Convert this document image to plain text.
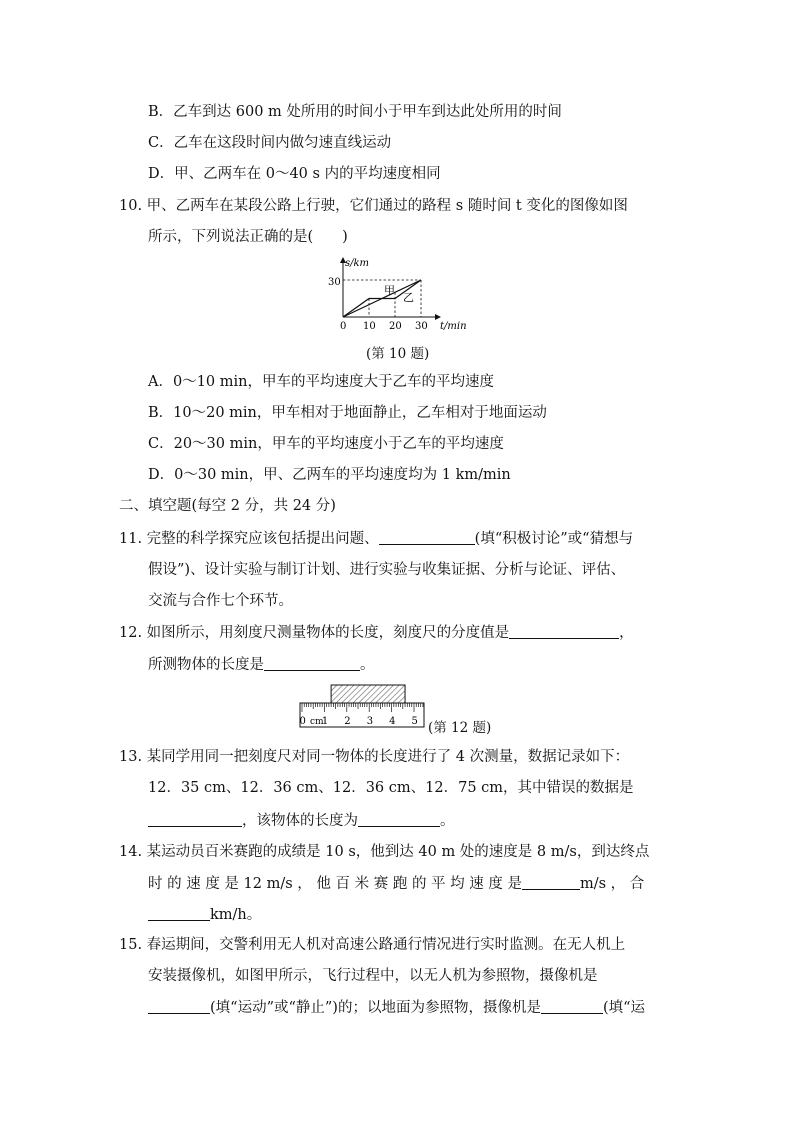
B．乙车到达 600 m 处所用的时间小于甲车到达此处所用的时间
C．乙车在这段时间内做匀速直线运动
D．甲、乙两车在 0～40 s 内的平均速度相同
10. 甲、乙两车在某段公路上行驶，它们通过的路程 s 随时间 t 变化的图像如图
所示，下列说法正确的是(　　)
s/km
t/min
30
0 10 20 30
甲
乙
(第 10 题)
A．0～10 min，甲车的平均速度大于乙车的平均速度
B．10～20 min，甲车相对于地面静止，乙车相对于地面运动
C．20～30 min，甲车的平均速度小于乙车的平均速度
D．0～30 min，甲、乙两车的平均速度均为 1 km/min
二、填空题(每空 2 分，共 24 分)
11. 完整的科学探究应该包括提出问题、	(填“积极讨论”或“猜想与
假设”)、设计实验与制订计划、进行实验与收集证据、分析与论证、评估、
交流与合作七个环节。
12. 如图所示，用刻度尺测量物体的长度，刻度尺的分度值是	，
所测物体的长度是	。
0 1 2 3 4 5
cm	(第 12 题)
13. 某同学用同一把刻度尺对同一物体的长度进行了 4 次测量，数据记录如下：
12．35 cm、12．36 cm、12．36 cm、12．75 cm，其中错误的数据是
，该物体的长度为	。
14. 某运动员百米赛跑的成绩是 10 s，他到达 40 m 处的速度是 8 m/s，到达终点
时 的 速 度 是 12 m/s ， 他 百 米 赛 跑 的 平 均 速 度 是	m/s ， 合
km/h。
15. 春运期间，交警利用无人机对高速公路通行情况进行实时监测。在无人机上
安装摄像机，如图甲所示，飞行过程中，以无人机为参照物，摄像机是
(填“运动”或“静止”)的；以地面为参照物，摄像机是	(填“运
